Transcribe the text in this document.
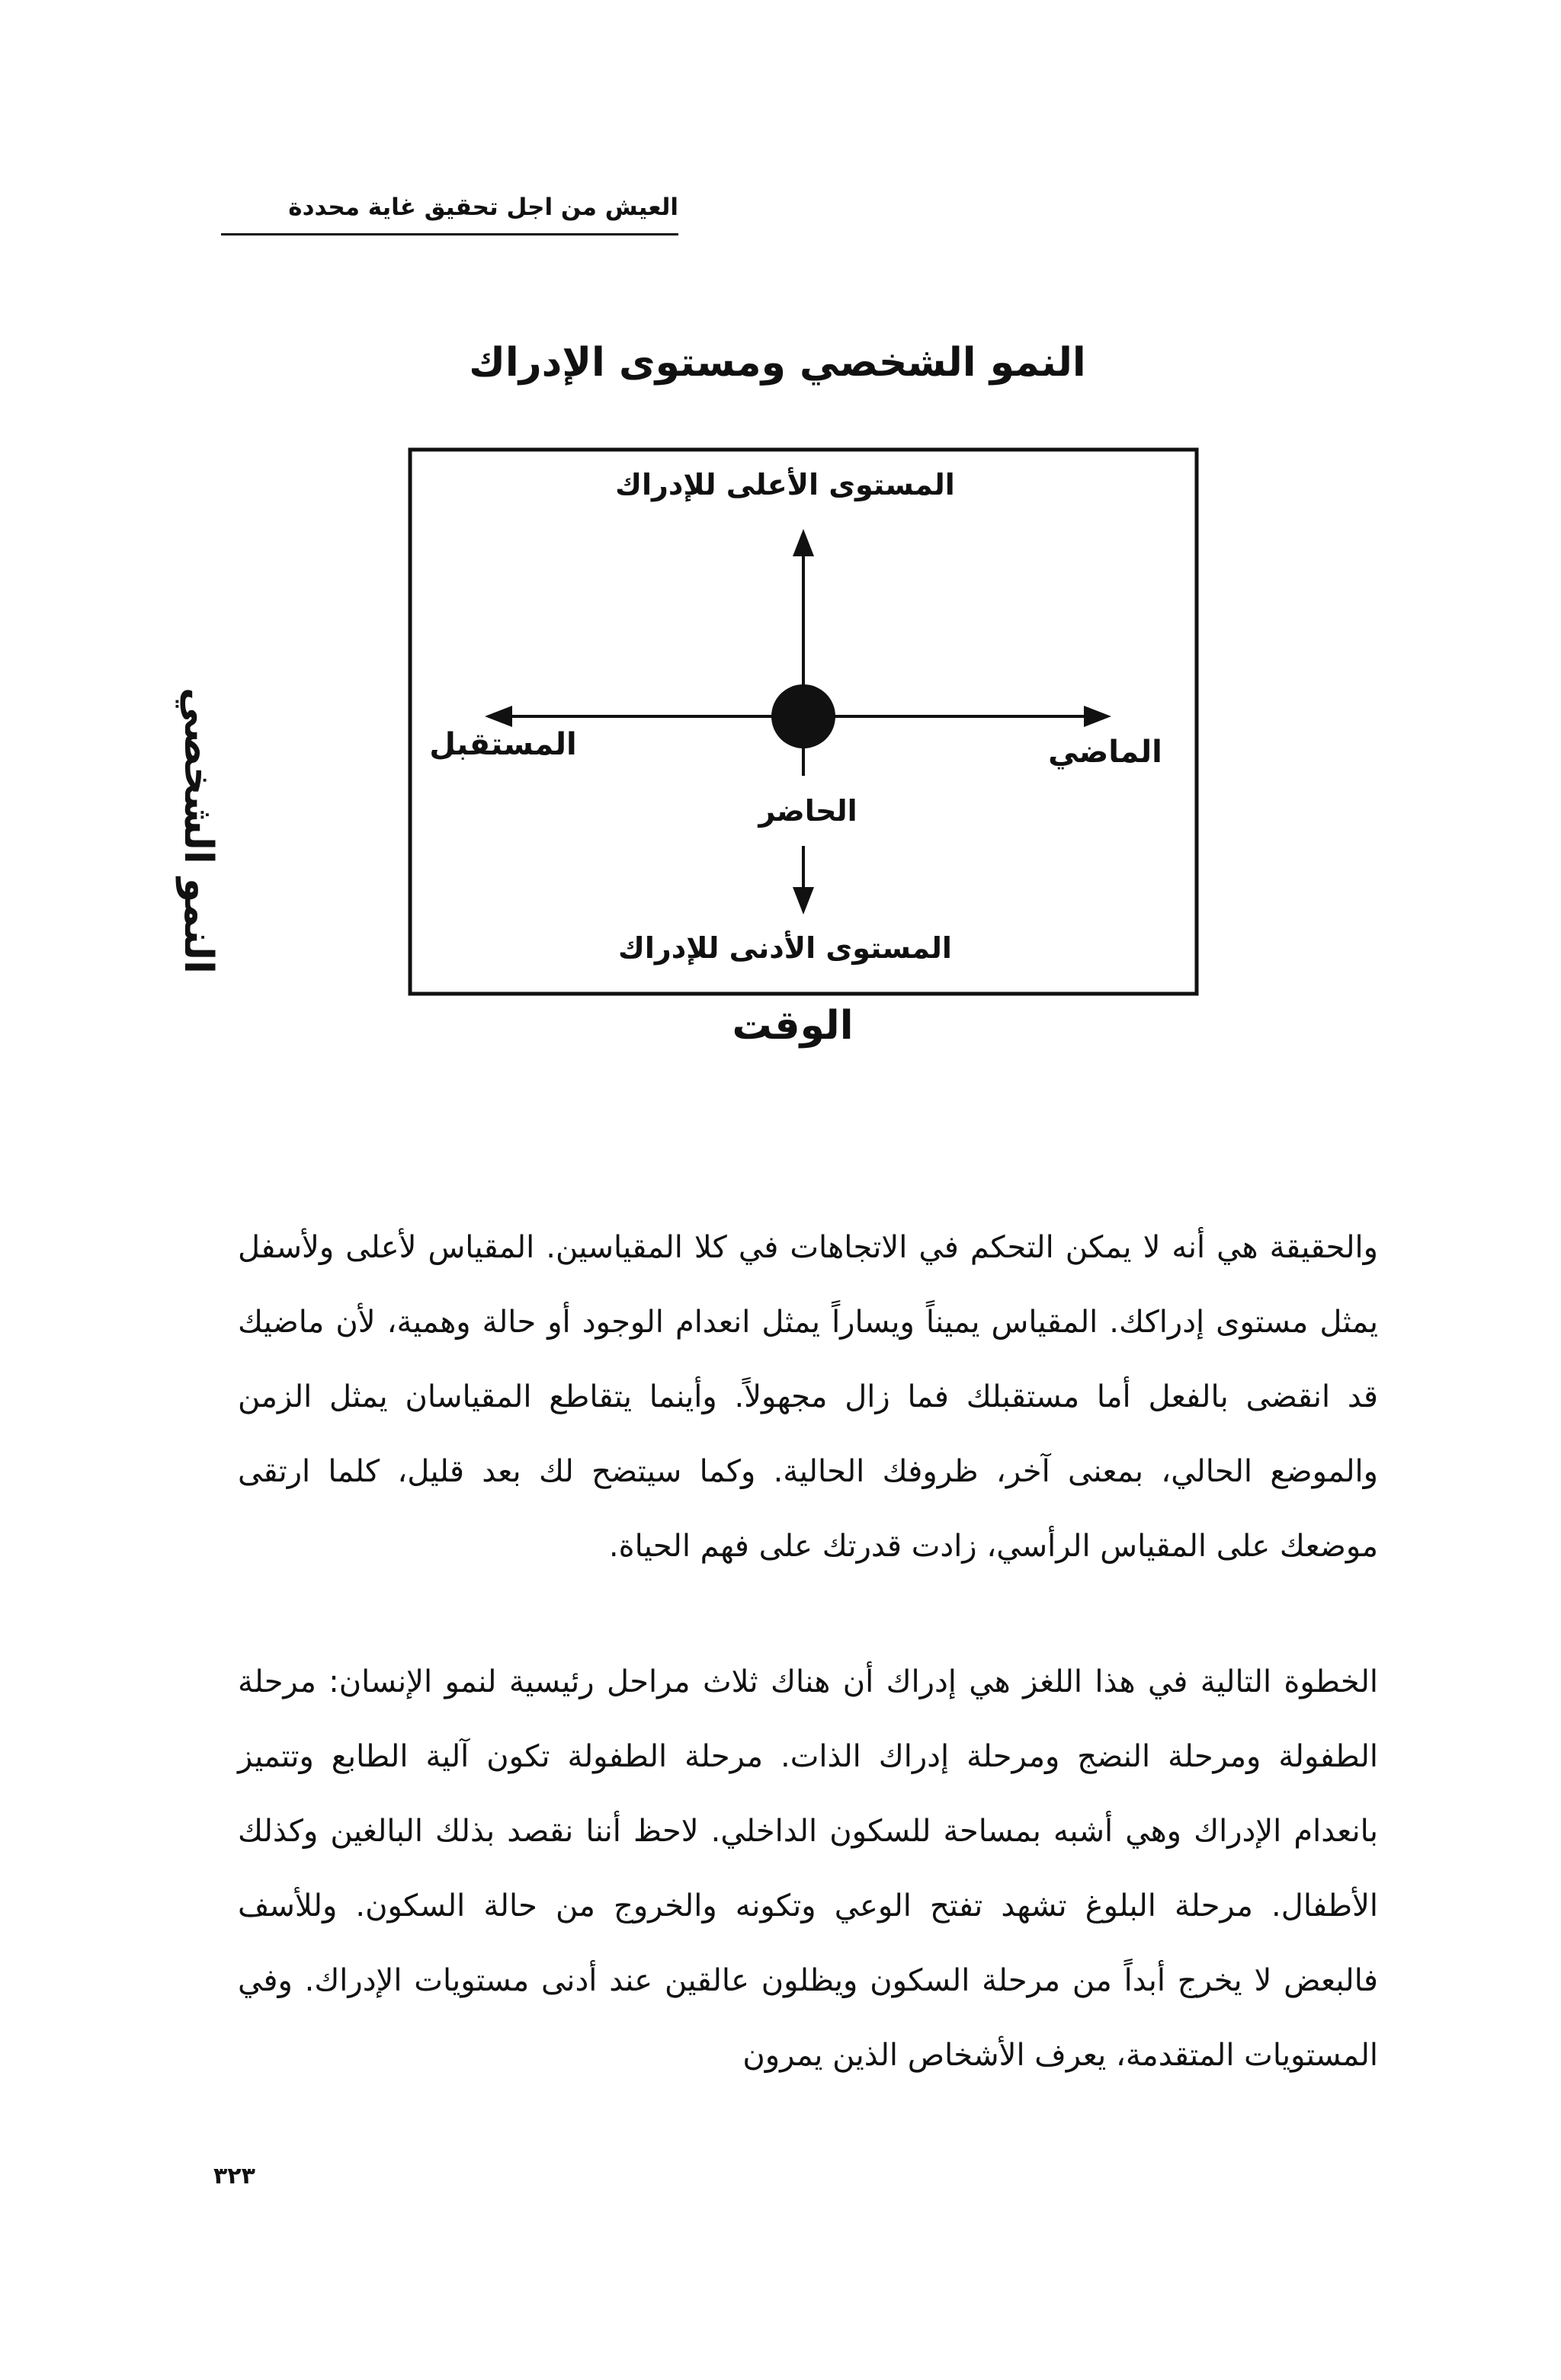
العيش من اجل تحقيق غاية محددة
النمو الشخصي ومستوى الإدراك
المستوى الأعلى للإدراك
المستقبل	الماضي
الحاضر
المستوى الأدنى للإدراك
الوقت
النمو الشخصي

والحقيقة هي أنه لا يمكن التحكم في الاتجاهات في كلا المقياسين. المقياس لأعلى ولأسفل يمثل مستوى إدراكك. المقياس يميناً ويساراً يمثل انعدام الوجود أو حالة وهمية، لأن ماضيك قد انقضى بالفعل أما مستقبلك فما زال مجهولاً. وأينما يتقاطع المقياسان يمثل الزمن والموضع الحالي، بمعنى آخر، ظروفك الحالية. وكما سيتضح لك بعد قليل، كلما ارتقى موضعك على المقياس الرأسي، زادت قدرتك على فهم الحياة.

الخطوة التالية في هذا اللغز هي إدراك أن هناك ثلاث مراحل رئيسية لنمو الإنسان: مرحلة الطفولة ومرحلة النضج ومرحلة إدراك الذات. مرحلة الطفولة تكون آلية الطابع وتتميز بانعدام الإدراك وهي أشبه بمساحة للسكون الداخلي. لاحظ أننا نقصد بذلك البالغين وكذلك الأطفال. مرحلة البلوغ تشهد تفتح الوعي وتكونه والخروج من حالة السكون. وللأسف فالبعض لا يخرج أبداً من مرحلة السكون ويظلون عالقين عند أدنى مستويات الإدراك. وفي المستويات المتقدمة، يعرف الأشخاص الذين يمرون

٣٢٣
